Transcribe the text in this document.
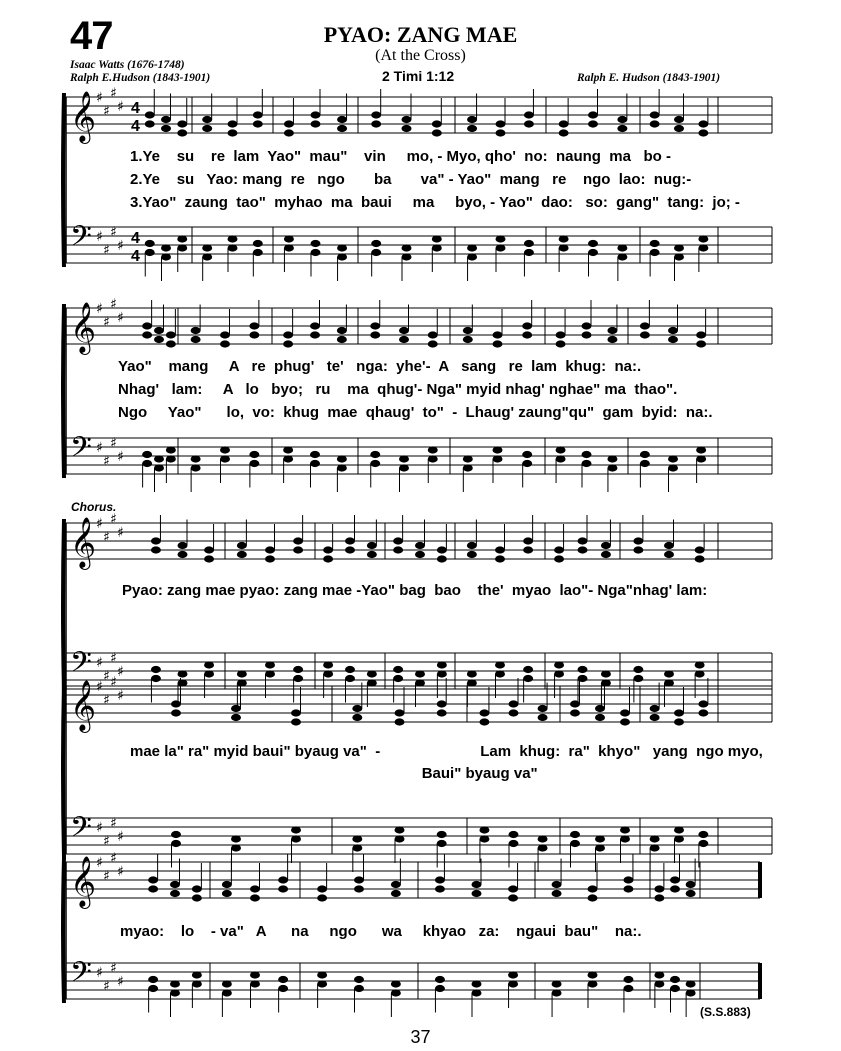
47	PYAO: ZANG MAE
(At the Cross)
Isaac Watts (1676-1748)
Ralph E.Hudson (1843-1901)	2 Timi 1:12	Ralph E. Hudson (1843-1901)
♯
♯
♯
♯
𝄞
♯
♯
♯
♯
𝄢
4
4
4
4
♯
♯
♯
♯
𝄞
♯
♯
♯
♯
𝄢
♯
♯
♯
♯
𝄞
♯
♯
♯
♯
𝄢
♯
♯
♯
♯
𝄞
♯
♯
♯
♯
𝄢
♯
♯
♯
♯
𝄞
♯
♯
♯
♯
𝄢
1.Ye    su    re  lam  Yao"  mau"    vin     mo, - Myo, qho'  no:  naung  ma   bo -
2.Ye    su   Yao: mang  re   ngo       ba       va" - Yao"  mang   re    ngo  lao:  nug:-
3.Yao"  zaung  tao"  myhao  ma  baui     ma     byo, - Yao"  dao:   so:  gang"  tang:  jo; -
Yao"    mang     A   re  phug'   te'   nga:  yhe'-  A   sang   re  lam  khug:  na:.
Nhag'   lam:     A   lo   byo;   ru    ma  qhug'- Nga" myid nhag' nghae" ma  thao".
Ngo     Yao"      lo,  vo:  khug  mae  qhaug'  to"  -  Lhaug' zaung"qu"  gam  byid:  na:.
Chorus.
Pyao: zang mae pyao: zang mae -Yao" bag  bao    the'  myao  lao"- Nga"nhag' lam:
mae la" ra" myid baui" byaug va"  -                        Lam  khug:  ra"  khyo"   yang  ngo myo,
Baui" byaug va"
myao:    lo    - va"   A      na     ngo      wa     khyao   za:    ngaui  bau"    na:.
(S.S.883)
37
